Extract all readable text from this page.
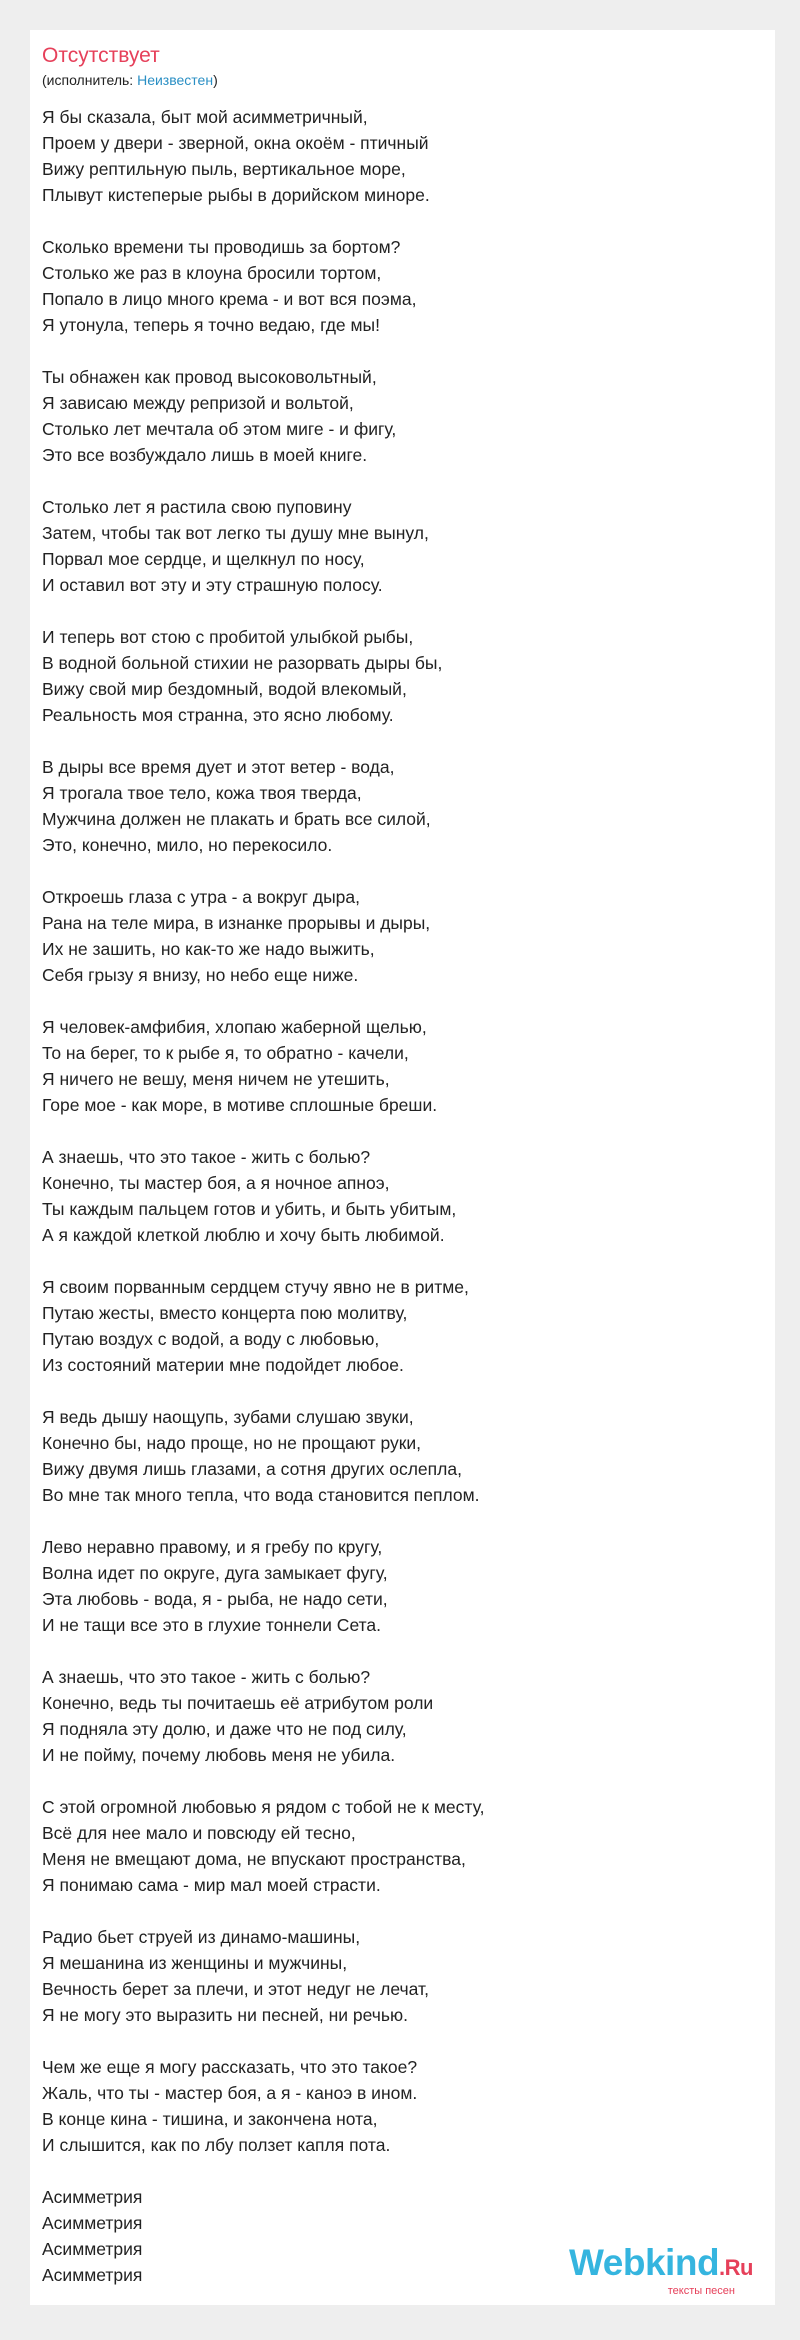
Отсутствует
(исполнитель: Неизвестен)
Я бы сказала, быт мой асимметричный,
Проем у двери - зверной, окна окоём - птичный
Вижу рептильную пыль, вертикальное море,
Плывут кистеперые рыбы в дорийском миноре.
Сколько времени ты проводишь за бортом?
Столько же раз в клоуна бросили тортом,
Попало в лицо много крема - и вот вся поэма,
Я утонула, теперь я точно ведаю, где мы!
Ты обнажен как провод высоковольтный,
Я зависаю между репризой и вольтой,
Столько лет мечтала об этом миге - и фигу,
Это все возбуждало лишь в моей книге.
Столько лет я растила свою пуповину
Затем, чтобы так вот легко ты душу мне вынул,
Порвал мое сердце, и щелкнул по носу,
И оставил вот эту и эту страшную полосу.
И теперь вот стою с пробитой улыбкой рыбы,
В водной больной стихии не разорвать дыры бы,
Вижу свой мир бездомный, водой влекомый,
Реальность моя странна, это ясно любому.
В дыры все время дует и этот ветер - вода,
Я трогала твое тело, кожа твоя тверда,
Мужчина должен не плакать и брать все силой,
Это, конечно, мило, но перекосило.
Откроешь глаза с утра - а вокруг дыра,
Рана на теле мира, в изнанке прорывы и дыры,
Их не зашить, но как-то же надо выжить,
Себя грызу я внизу, но небо еще ниже.
Я человек-амфибия, хлопаю жаберной щелью,
То на берег, то к рыбе я, то обратно - качели,
Я ничего не вешу, меня ничем не утешить,
Горе мое - как море, в мотиве сплошные бреши.
А знаешь, что это такое - жить с болью?
Конечно, ты мастер боя, а я ночное апноэ,
Ты каждым пальцем готов и убить, и быть убитым,
А я каждой клеткой люблю и хочу быть любимой.
Я своим порванным сердцем стучу явно не в ритме,
Путаю жесты, вместо концерта пою молитву,
Путаю воздух с водой, а воду с любовью,
Из состояний материи мне подойдет любое.
Я ведь дышу наощупь, зубами слушаю звуки,
Конечно бы, надо проще, но не прощают руки,
Вижу двумя лишь глазами, а сотня других ослепла,
Во мне так много тепла, что вода становится пеплом.
Лево неравно правому, и я гребу по кругу,
Волна идет по округе, дуга замыкает фугу,
Эта любовь - вода, я - рыба, не надо сети,
И не тащи все это в глухие тоннели Сета.
А знаешь, что это такое - жить с болью?
Конечно, ведь ты почитаешь её атрибутом роли
Я подняла эту долю, и даже что не под силу,
И не пойму, почему любовь меня не убила.
С этой огромной любовью я рядом с тобой не к месту,
Всё для нее мало и повсюду ей тесно,
Меня не вмещают дома, не впускают пространства,
Я понимаю сама - мир мал моей страсти.
Радио бьет струей из динамо-машины,
Я мешанина из женщины и мужчины,
Вечность берет за плечи, и этот недуг не лечат,
Я не могу это выразить ни песней, ни речью.
Чем же еще я могу рассказать, что это такое?
Жаль, что ты - мастер боя, а я - каноэ в ином.
В конце кина - тишина, и закончена нота,
И слышится, как по лбу ползет капля пота.
Асимметрия
Асимметрия
Асимметрия
Асимметрия	Webkind.Ru
тексты песен
